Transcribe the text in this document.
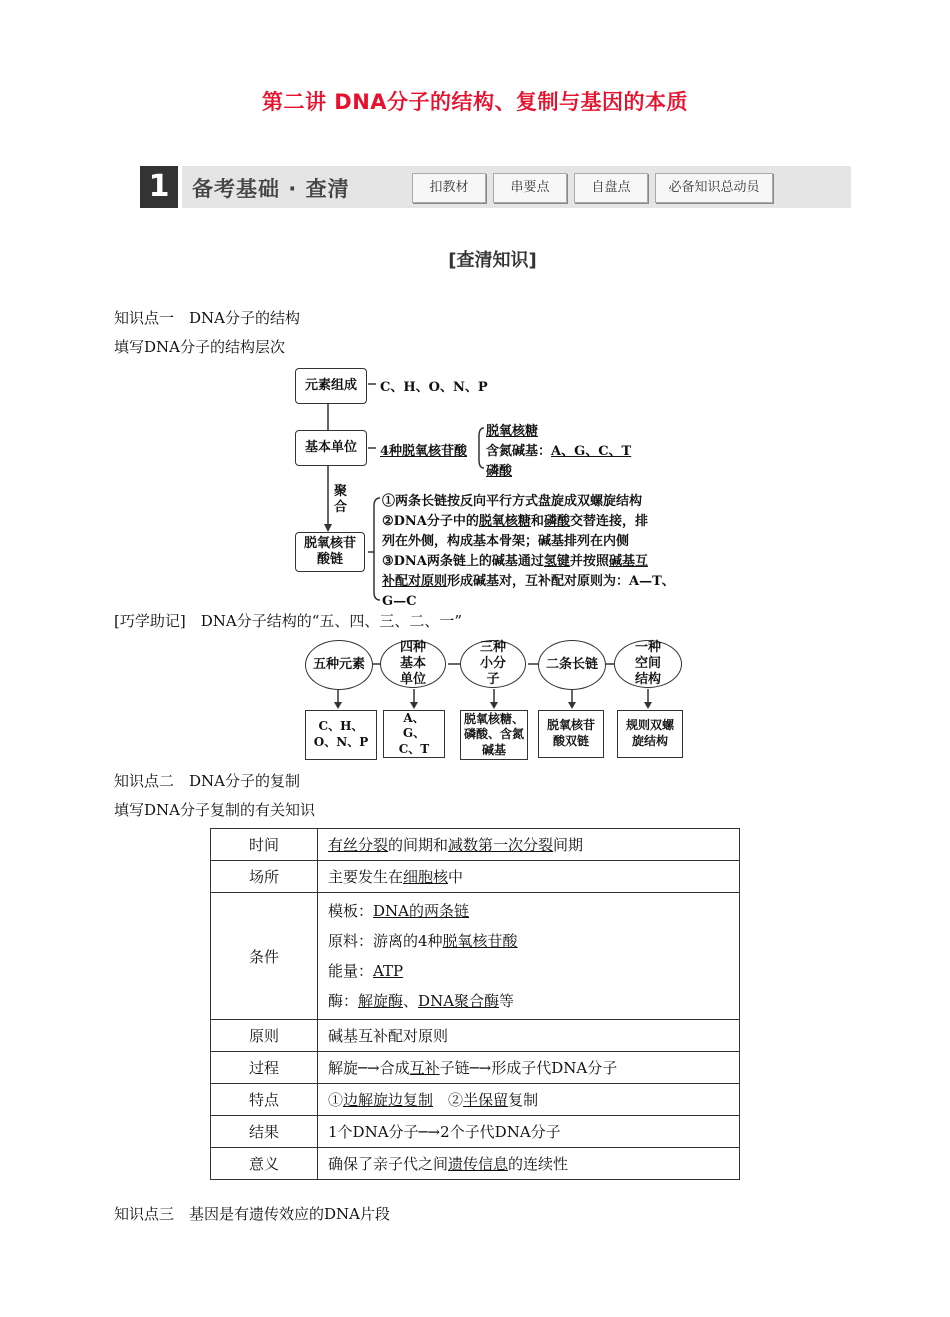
第二讲 DNA分子的结构、复制与基因的本质
1	备考基础 · 查清	扣教材	串要点	自盘点	必备知识总动员
[查清知识]
知识点一　DNA分子的结构
填写DNA分子的结构层次
元素组成	C、H、O、N、P
基本单位	4种脱氧核苷酸
脱氧核糖
含氮碱基：A、G、C、T
磷酸
聚合
脱氧核苷酸链
①两条长链按反向平行方式盘旋成双螺旋结构
②DNA分子中的脱氧核糖和磷酸交替连接，排
列在外侧，构成基本骨架；碱基排列在内侧
③DNA两条链上的碱基通过氢键并按照碱基互
补配对原则形成碱基对，互补配对原则为：A—T、
G—C
[巧学助记]　DNA分子结构的“五、四、三、二、一”
五种元素
四种基本单位
三种小分子
二条长链
一种空间结构
C、H、O、N、P
A、G、C、T
脱氧核糖、磷酸、含氮碱基
脱氧核苷酸双链
规则双螺旋结构
知识点二　DNA分子的复制
填写DNA分子复制的有关知识
时间	有丝分裂的间期和减数第一次分裂间期
场所	主要发生在细胞核中
条件	模板：DNA的两条链
原料：游离的4种脱氧核苷酸
能量：ATP
酶：解旋酶、DNA聚合酶等

原则	碱基互补配对原则
过程	解旋─→合成互补子链─→形成子代DNA分子
特点	①边解旋边复制　②半保留复制
结果	1个DNA分子─→2个子代DNA分子
意义	确保了亲子代之间遗传信息的连续性
知识点三　基因是有遗传效应的DNA片段
